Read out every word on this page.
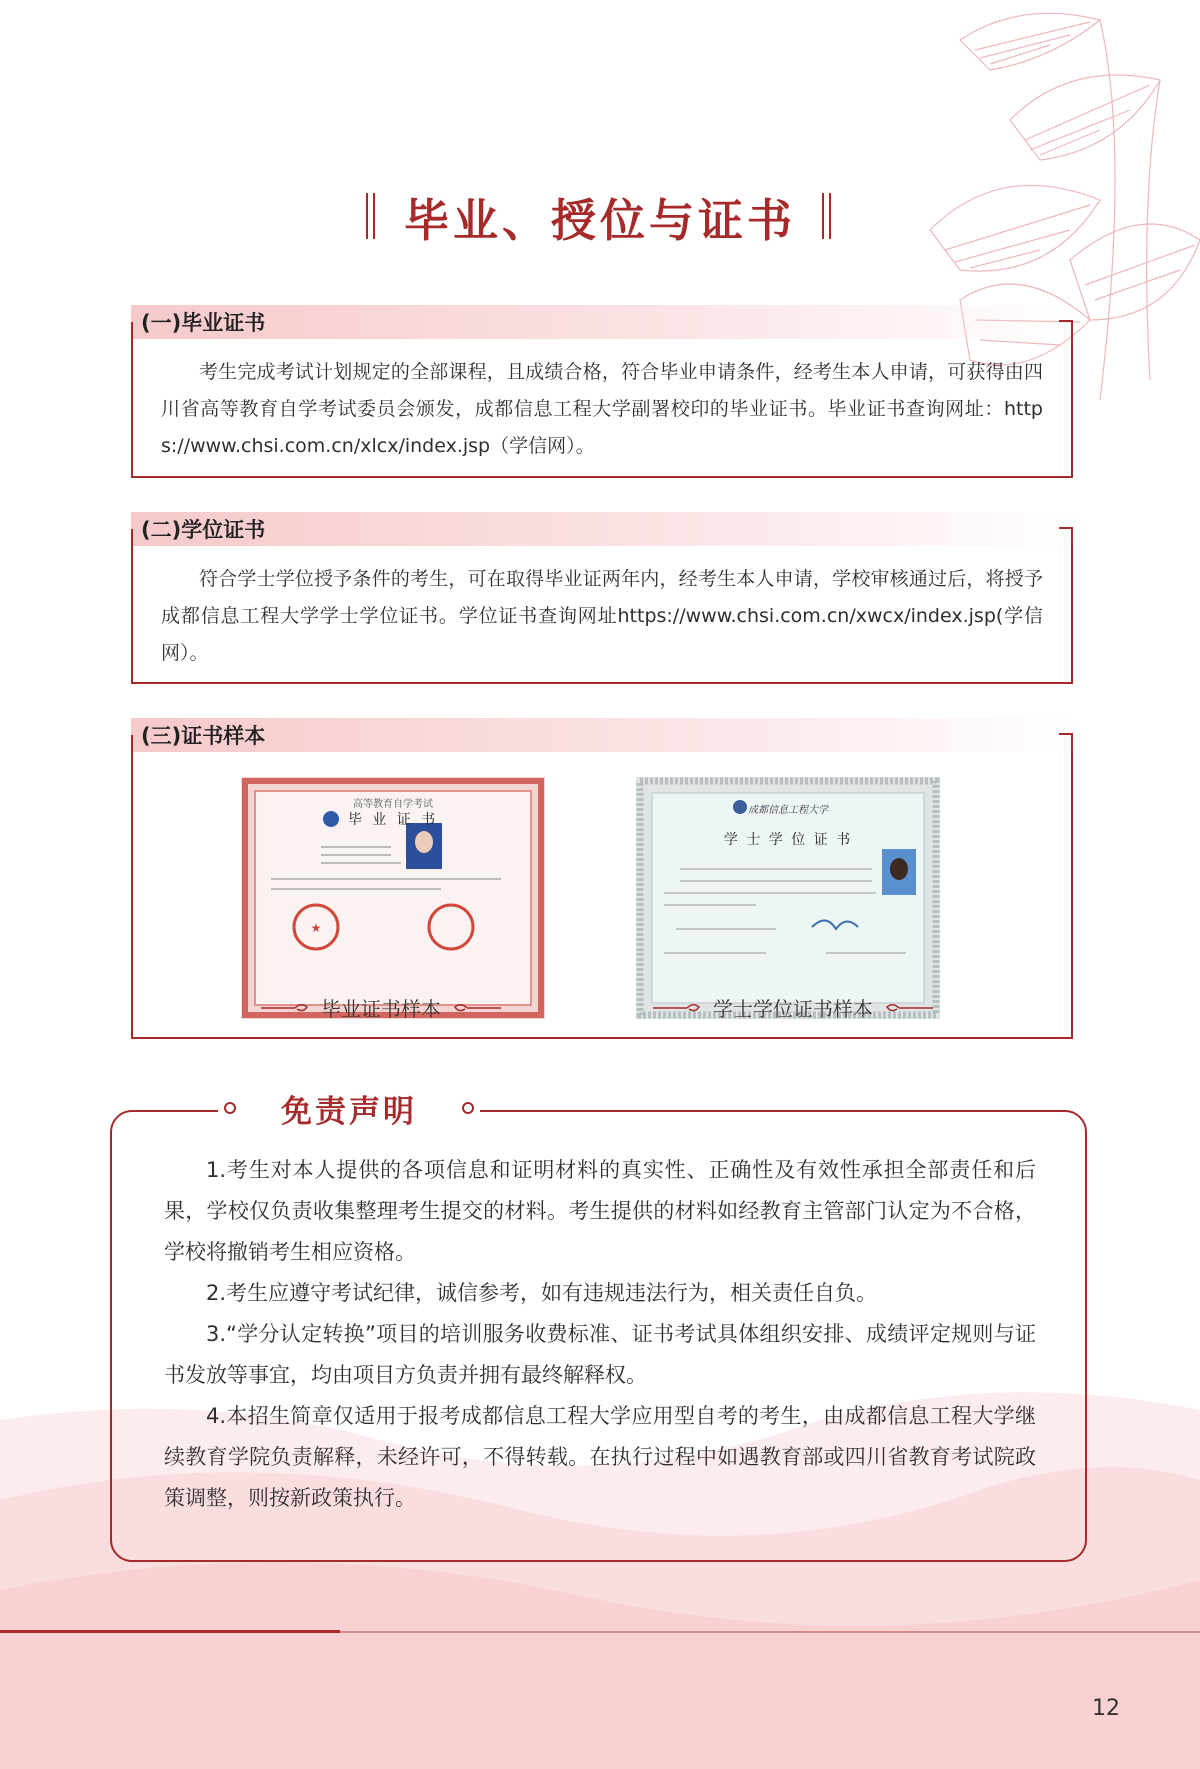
毕业、授位与证书
(一)毕业证书

考生完成考试计划规定的全部课程，且成绩合格，符合毕业申请条件，经考生本人申请，可获得由四川省高等教育自学考试委员会颁发，成都信息工程大学副署校印的毕业证书。毕业证书查询网址：https://www.chsi.com.cn/xlcx/index.jsp（学信网）。

(二)学位证书

符合学士学位授予条件的考生，可在取得毕业证两年内，经考生本人申请，学校审核通过后，将授予成都信息工程大学学士学位证书。学位证书查询网址https://www.chsi.com.cn/xwcx/index.jsp(学信网）。

(三)证书样本
★
高等教育自学考试
毕 业 证 书
毕业证书样本
成都信息工程大学
学 士 学 位 证 书
学士学位证书样本
免责声明

1.考生对本人提供的各项信息和证明材料的真实性、正确性及有效性承担全部责任和后果，学校仅负责收集整理考生提交的材料。考生提供的材料如经教育主管部门认定为不合格，学校将撤销考生相应资格。

2.考生应遵守考试纪律，诚信参考，如有违规违法行为，相关责任自负。

3.“学分认定转换”项目的培训服务收费标准、证书考试具体组织安排、成绩评定规则与证书发放等事宜，均由项目方负责并拥有最终解释权。

4.本招生简章仅适用于报考成都信息工程大学应用型自考的考生，由成都信息工程大学继续教育学院负责解释，未经许可，不得转载。在执行过程中如遇教育部或四川省教育考试院政策调整，则按新政策执行。

12
